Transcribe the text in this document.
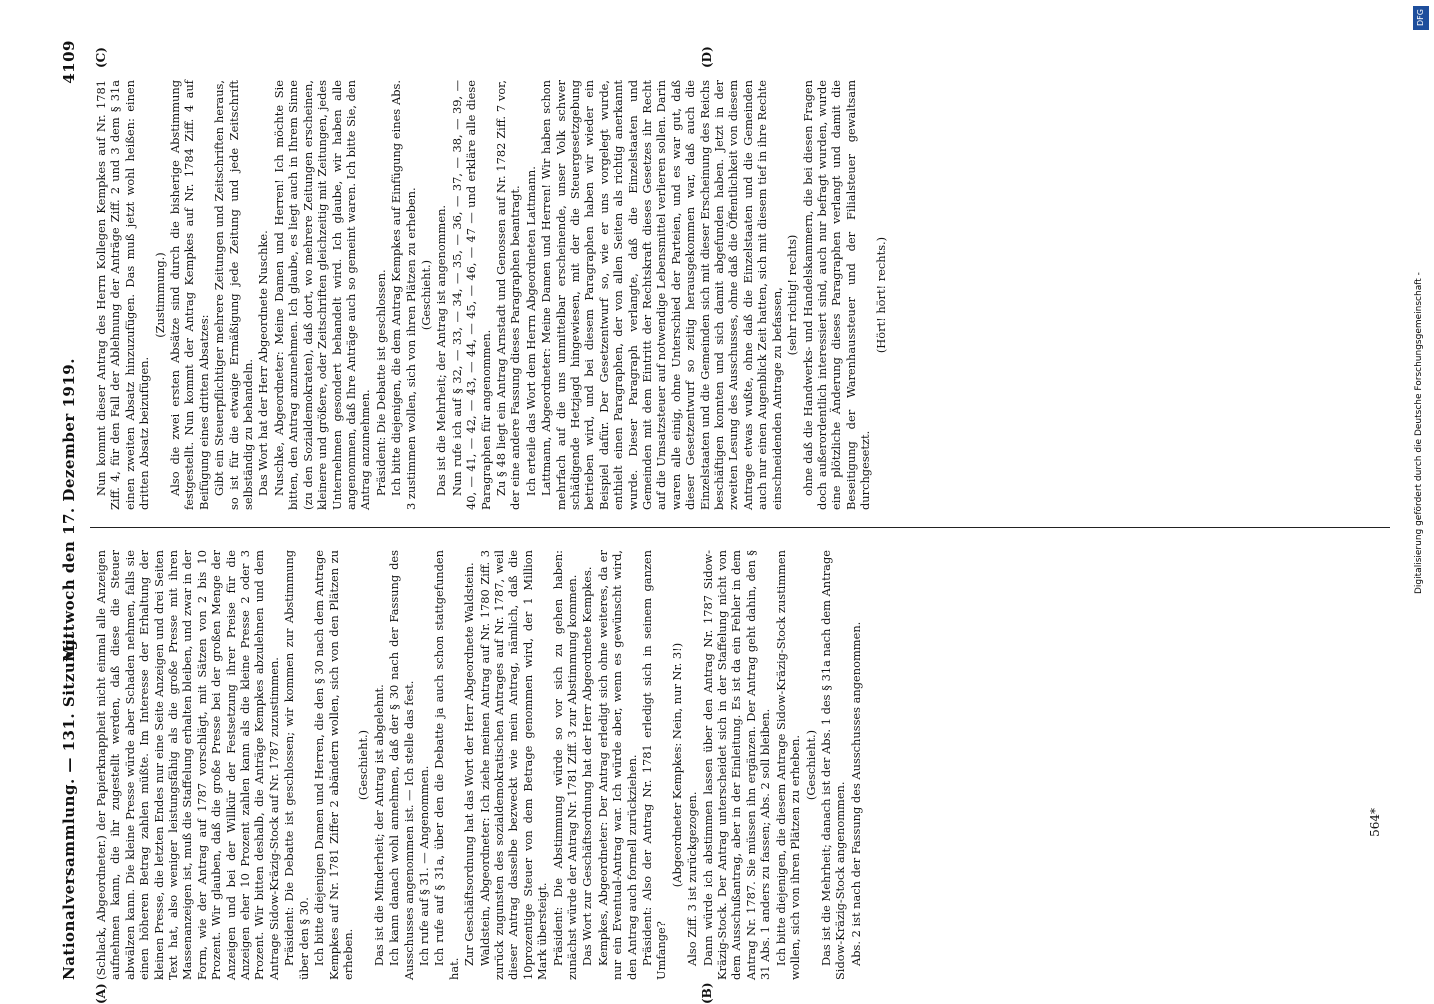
Nationalversammlung. — 131. Sitzung.
Mittwoch den 17. Dezember 1919.
4109
(A)	(B)
(C)	(D)

(Schlack, Abgeordneter.) der Papierknappheit nicht einmal alle Anzeigen aufnehmen kann, die ihr zugestellt werden, daß diese die Steuer abwälzen kann. Die kleine Presse würde aber Schaden nehmen, falls sie einen höheren Betrag zahlen müßte. Im Interesse der Erhaltung der kleinen Presse, die letzten Endes nur eine Seite Anzeigen und drei Seiten Text hat, also weniger leistungsfähig als die große Presse mit ihren Massenanzeigen ist, muß die Staffelung erhalten bleiben, und zwar in der Form, wie der Antrag auf 1787 vorschlägt, mit Sätzen von 2 bis 10 Prozent. Wir glauben, daß die große Presse bei der großen Menge der Anzeigen und bei der Willkür der Festsetzung ihrer Preise für die Anzeigen eher 10 Prozent zahlen kann als die kleine Presse 2 oder 3 Prozent. Wir bitten deshalb, die Anträge Kempkes abzulehnen und dem Antrage Sidow-Kräzig-Stock auf Nr. 1787 zuzustimmen. Präsident: Die Debatte ist geschlossen; wir kommen zur Abstimmung über den § 30. Ich bitte diejenigen Damen und Herren, die den § 30 nach dem Antrage Kempkes auf Nr. 1781 Ziffer 2 abändern wollen, sich von den Plätzen zu erheben.

(Geschieht.) Das ist die Minderheit; der Antrag ist abgelehnt. Ich kann danach wohl annehmen, daß der § 30 nach der Fassung des Ausschusses angenommen ist. — Ich stelle das fest. Ich rufe auf § 31. — Angenommen. Ich rufe auf § 31a, über den die Debatte ja auch schon stattgefunden hat.

Zur Geschäftsordnung hat das Wort der Herr Abgeordnete Waldstein. Waldstein, Abgeordneter: Ich ziehe meinen Antrag auf Nr. 1780 Ziff. 3 zurück zugunsten des sozialdemokratischen Antrages auf Nr. 1787, weil dieser Antrag dasselbe bezweckt wie mein Antrag, nämlich, daß die 10prozentige Steuer von dem Betrage genommen wird, der 1 Million Mark übersteigt. Präsident: Die Abstimmung würde so vor sich zu gehen haben: zunächst würde der Antrag Nr. 1781 Ziff. 3 zur Abstimmung kommen. Das Wort zur Geschäftsordnung hat der Herr Abgeordnete Kempkes. Kempkes, Abgeordneter: Der Antrag erledigt sich ohne weiteres, da er nur ein Eventual-Antrag war. Ich würde aber, wenn es gewünscht wird, den Antrag auch formell zurückziehen. Präsident: Also der Antrag Nr. 1781 erledigt sich in seinem ganzen Umfange?

(Abgeordneter Kempkes: Nein, nur Nr. 3!) Also Ziff. 3 ist zurückgezogen. Dann würde ich abstimmen lassen über den Antrag Nr. 1787 Sidow-Kräzig-Stock. Der Antrag unterscheidet sich in der Staffelung nicht von dem Ausschußantrag, aber in der Einleitung. Es ist da ein Fehler in dem Antrag Nr. 1787. Sie müssen ihn ergänzen. Der Antrag geht dahin, den § 31 Abs. 1 anders zu fassen; Abs. 2 soll bleiben. Ich bitte diejenigen, die diesem Antrage Sidow-Kräzig-Stock zustimmen wollen, sich von ihren Plätzen zu erheben. (Geschieht.) Das ist die Mehrheit; danach ist der Abs. 1 des § 31a nach dem Antrage Sidow-Kräzig-Stock angenommen. Abs. 2 ist nach der Fassung des Ausschusses angenommen.

Nun kommt dieser Antrag des Herrn Kollegen Kempkes auf Nr. 1781 Ziff. 4, für den Fall der Ablehnung der Anträge Ziff. 2 und 3 dem § 31a einen zweiten Absatz hinzuzufügen. Das muß jetzt wohl heißen: einen dritten Absatz beizufügen.

(Zustimmung.) Also die zwei ersten Absätze sind durch die bisherige Abstimmung festgestellt. Nun kommt der Antrag Kempkes auf Nr. 1784 Ziff. 4 auf Beifügung eines dritten Absatzes: Gibt ein Steuerpflichtiger mehrere Zeitungen und Zeitschriften heraus, so ist für die etwaige Ermäßigung jede Zeitung und jede Zeitschrift selbständig zu behandeln. Das Wort hat der Herr Abgeordnete Nuschke. Nuschke, Abgeordneter: Meine Damen und Herren! Ich möchte Sie bitten, den Antrag anzunehmen. Ich glaube, es liegt auch in Ihrem Sinne (zu den Sozialdemokraten), daß dort, wo mehrere Zeitungen erscheinen, kleinere und größere, oder Zeitschriften gleichzeitig mit Zeitungen, jedes Unternehmen gesondert behandelt wird. Ich glaube, wir haben alle angenommen, daß Ihre Anträge auch so gemeint waren. Ich bitte Sie, den Antrag anzunehmen. Präsident: Die Debatte ist geschlossen. Ich bitte diejenigen, die dem Antrag Kempkes auf Einfügung eines Abs. 3 zustimmen wollen, sich von ihren Plätzen zu erheben. (Geschieht.) Das ist die Mehrheit; der Antrag ist angenommen. Nun rufe ich auf § 32, — 33, — 34, — 35, — 36, — 37, — 38, — 39, — 40, — 41, — 42, — 43, — 44, — 45, — 46, — 47 — und erkläre alle diese Paragraphen für angenommen. Zu § 48 liegt ein Antrag Arnstadt und Genossen auf Nr. 1782 Ziff. 7 vor, der eine andere Fassung dieses Paragraphen beantragt. Ich erteile das Wort dem Herrn Abgeordneten Lattmann. Lattmann, Abgeordneter: Meine Damen und Herren! Wir haben schon mehrfach auf die uns unmittelbar erscheinende, unser Volk schwer schädigende Hetzjagd hingewiesen, mit der die Steuergesetzgebung betrieben wird, und bei diesem Paragraphen haben wir wieder ein Beispiel dafür. Der Gesetzentwurf so, wie er uns vorgelegt wurde, enthielt einen Paragraphen, der von allen Seiten als richtig anerkannt wurde. Dieser Paragraph verlangte, daß die Einzelstaaten und Gemeinden mit dem Eintritt der Rechtskraft dieses Gesetzes ihr Recht auf die Umsatzsteuer auf notwendige Lebensmittel verlieren sollen. Darin waren alle einig, ohne Unterschied der Parteien, und es war gut, daß dieser Gesetzentwurf so zeitig herausgekommen war, daß auch die Einzelstaaten und die Gemeinden sich mit dieser Erscheinung des Reichs beschäftigen konnten und sich damit abgefunden haben. Jetzt in der zweiten Lesung des Ausschusses, ohne daß die Öffentlichkeit von diesem Antrage etwas wußte, ohne daß die Einzelstaaten und die Gemeinden auch nur einen Augenblick Zeit hatten, sich mit diesem tief in ihre Rechte einschneidenden Antrage zu befassen, (sehr richtig! rechts) ohne daß die Handwerks- und Handelskammern, die bei diesen Fragen doch außerordentlich interessiert sind, auch nur befragt wurden, wurde eine plötzliche Änderung dieses Paragraphen verlangt und damit die Beseitigung der Warenhaussteuer und der Filialsteuer gewaltsam durchgesetzt.

(Hört! hört! rechts.)

564*
DFG
Digitalisierung gefördert durch die Deutsche Forschungsgemeinschaft -
